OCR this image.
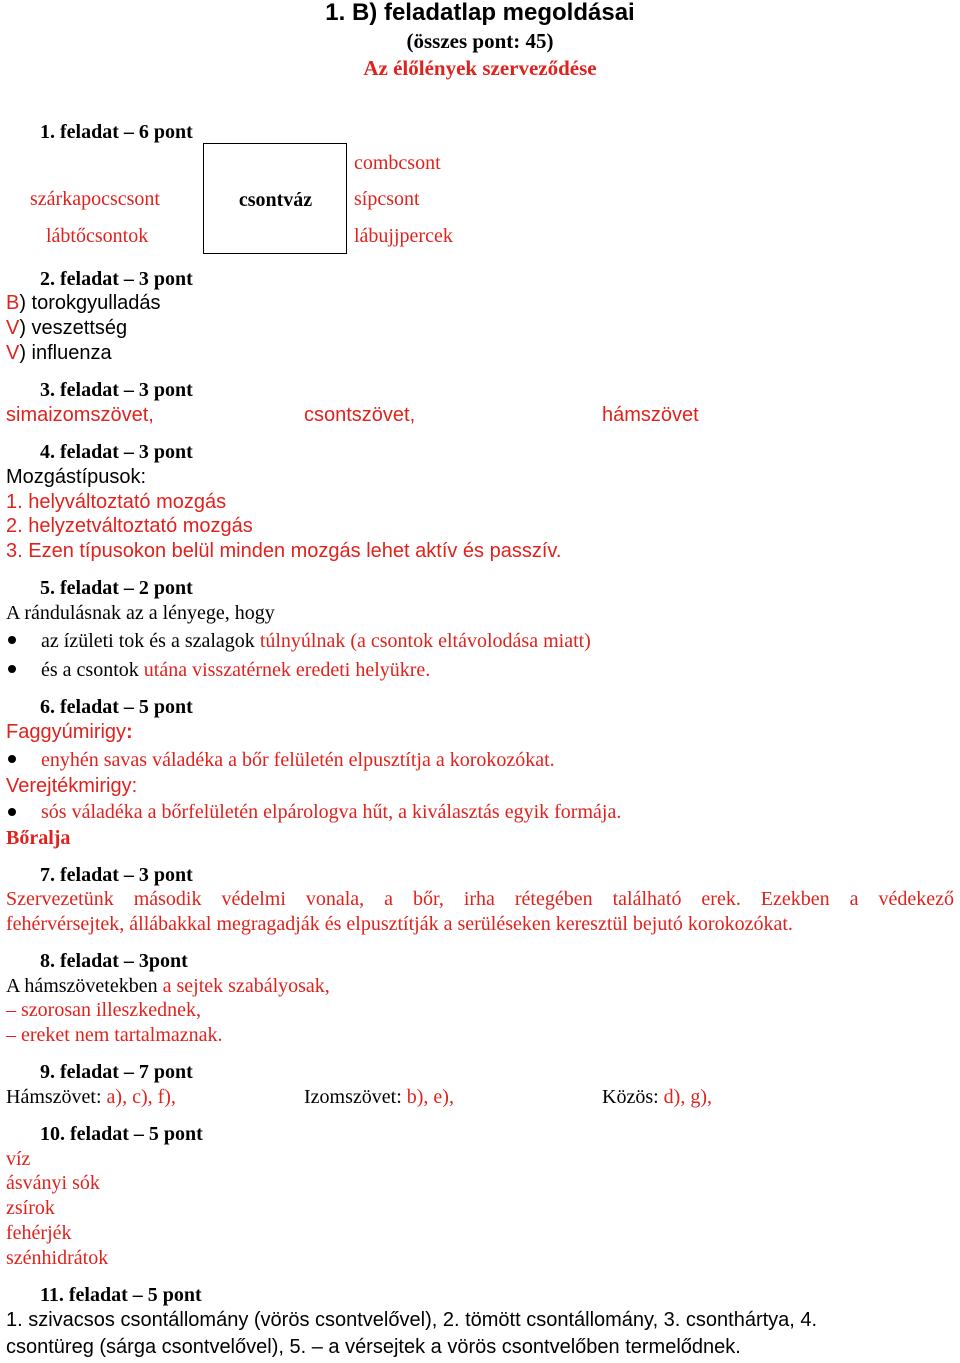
1. B) feladatlap megoldásai
(összes pont: 45)
Az élőlények szerveződése
1. feladat – 6 pont
csontváz
szárkapocscsont
lábtőcsontok
combcsont
sípcsont
lábujjpercek
2. feladat – 3 pont
B) torokgyulladás
V) veszettség
V) influenza
3. feladat – 3 pont
simaizomszövet,	csontszövet,	hámszövet
4. feladat – 3 pont
Mozgástípusok:
1. helyváltoztató mozgás
2. helyzetváltoztató mozgás
3. Ezen típusokon belül minden mozgás lehet aktív és passzív.
5. feladat – 2 pont
A rándulásnak az a lényege, hogy
az ízületi tok és a szalagok túlnyúlnak (a csontok eltávolodása miatt)
és a csontok utána visszatérnek eredeti helyükre.
6. feladat – 5 pont
Faggyúmirigy:
enyhén savas váladéka a bőr felületén elpusztítja a korokozókat.
Verejtékmirigy:
sós váladéka a bőrfelületén elpárologva hűt, a kiválasztás egyik formája.
Bőralja
7. feladat – 3 pont
Szervezetünk második védelmi vonala, a bőr, irha rétegében található erek. Ezekben a védekező
fehérvérsejtek, állábakkal megragadják és elpusztítják a serüléseken keresztül bejutó korokozókat.
8. feladat – 3pont
A hámszövetekben a sejtek szabályosak,
– szorosan illeszkednek,
– ereket nem tartalmaznak.
9. feladat – 7 pont
Hámszövet: a), c), f),	Izomszövet: b), e),	Közös: d), g),
10. feladat – 5 pont
víz
ásványi sók
zsírok
fehérjék
szénhidrátok
11. feladat – 5 pont
1. szivacsos csontállomány (vörös csontvelővel), 2. tömött csontállomány, 3. csonthártya, 4.
csontüreg (sárga csontvelővel), 5. – a vérsejtek a vörös csontvelőben termelődnek.
